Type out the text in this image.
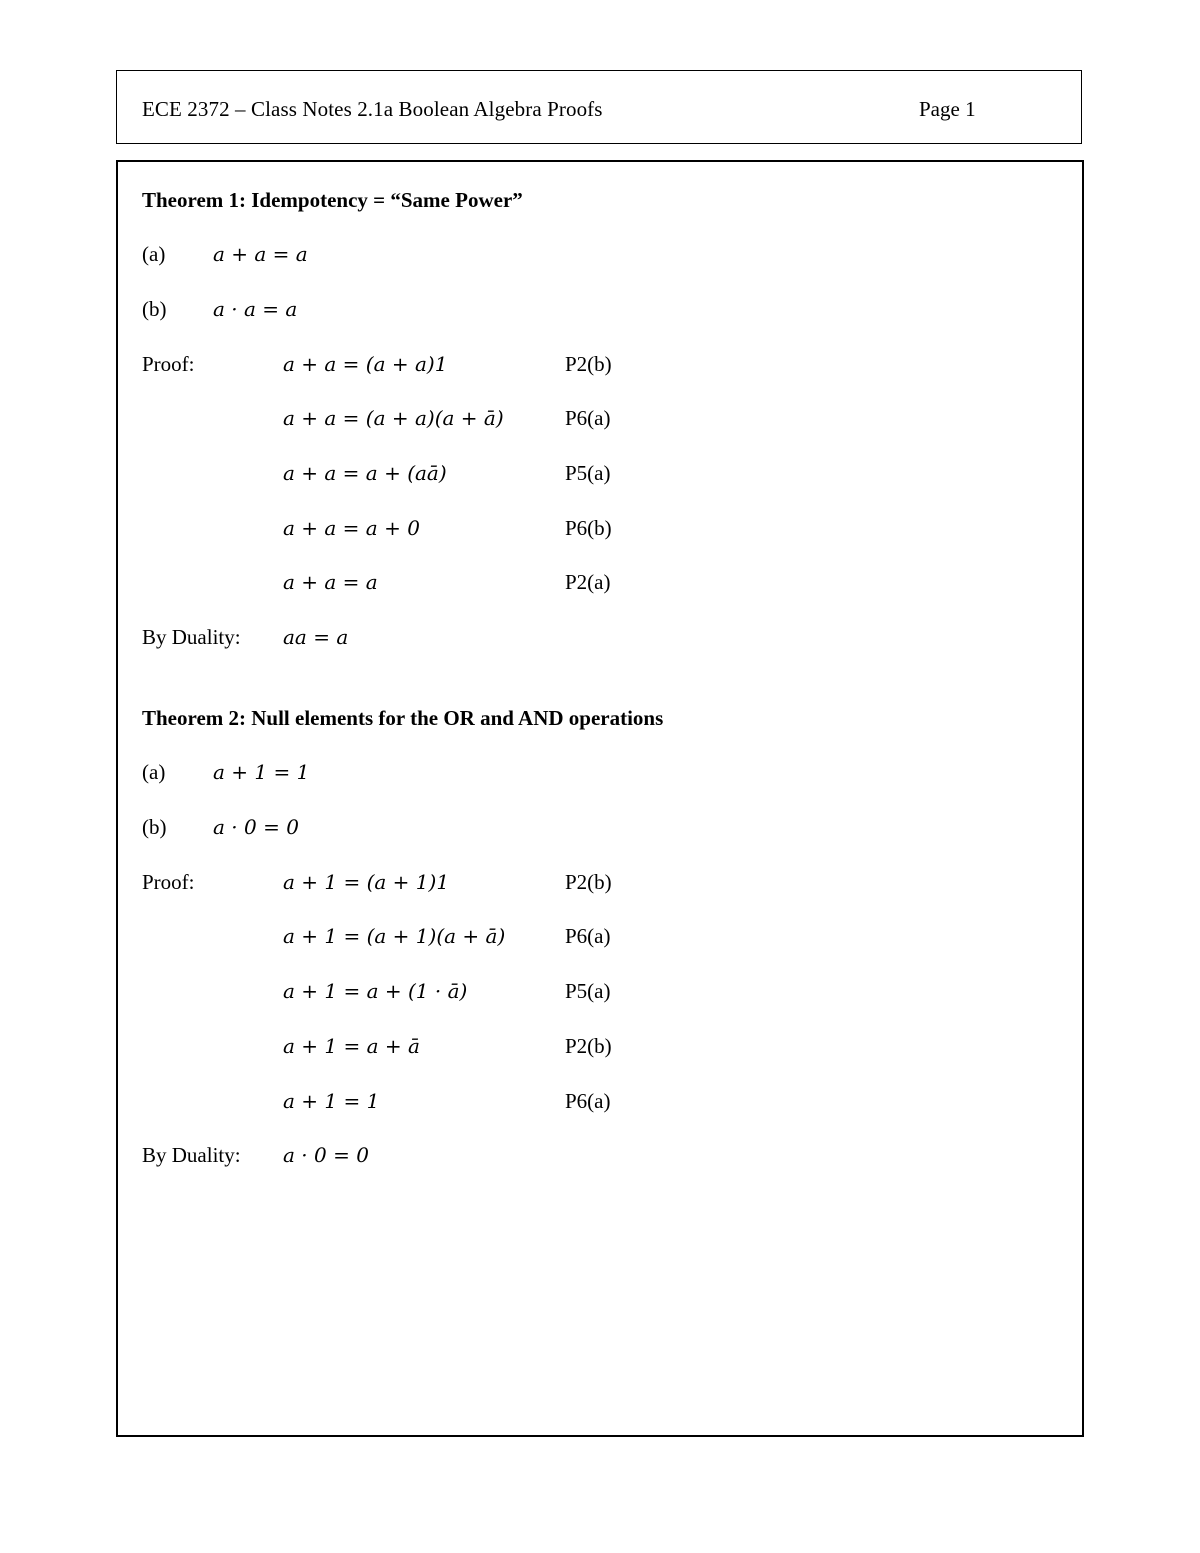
ECE 2372 – Class Notes 2.1a Boolean Algebra Proofs	Page 1
Theorem 1: Idempotency = “Same Power”
(a) a + a = a
(b) a · a = a
Proof:	a + a = (a + a)1	P2(b)
a + a = (a + a)(a + ā)	P6(a)
a + a = a + (aā)	P5(a)
a + a = a + 0	P6(b)
a + a = a	P2(a)
By Duality: aa = a
Theorem 2: Null elements for the OR and AND operations
(a) a + 1 = 1
(b) a · 0 = 0
Proof:	a + 1 = (a + 1)1	P2(b)
a + 1 = (a + 1)(a + ā)	P6(a)
a + 1 = a + (1 · ā)	P5(a)
a + 1 = a + ā	P2(b)
a + 1 = 1	P6(a)
By Duality: a · 0 = 0
